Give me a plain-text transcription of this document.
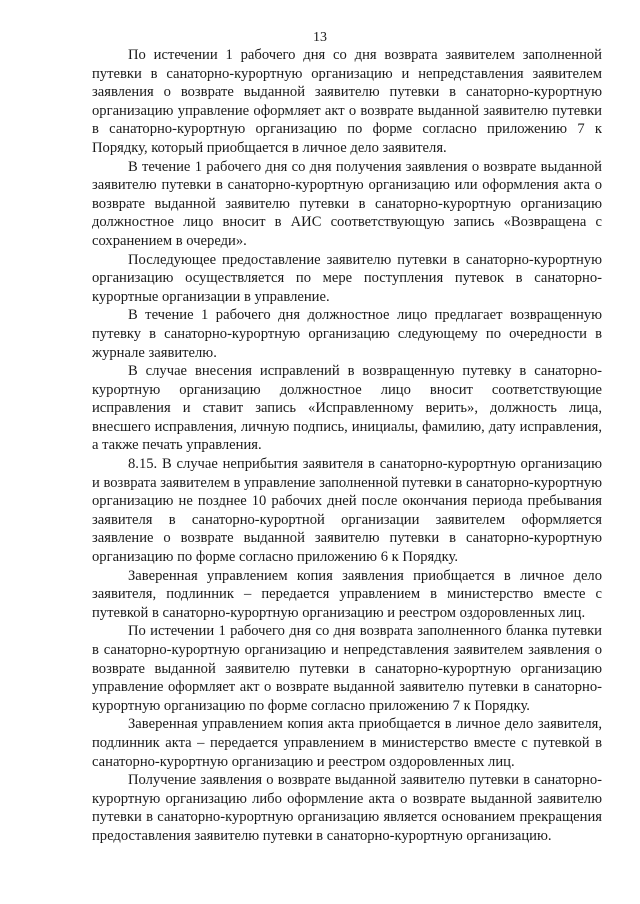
13

По истечении 1 рабочего дня со дня возврата заявителем заполненной путевки в санаторно-курортную организацию и непредставления заявителем заявления о возврате выданной заявителю путевки в санаторно-курортную организацию управление оформляет акт о возврате выданной заявителю путевки в санаторно-курортную организацию по форме согласно приложению 7 к Порядку, который приобщается в личное дело заявителя.

В течение 1 рабочего дня со дня получения заявления о возврате выданной заявителю путевки в санаторно-курортную организацию или оформления акта о возврате выданной заявителю путевки в санаторно-курортную организацию должностное лицо вносит в АИС соответствующую запись «Возвращена с сохранением в очереди».

Последующее предоставление заявителю путевки в санаторно-курортную организацию осуществляется по мере поступления путевок в санаторно-курортные организации в управление.

В течение 1 рабочего дня должностное лицо предлагает возвращенную путевку в санаторно-курортную организацию следующему по очередности в журнале заявителю.

В случае внесения исправлений в возвращенную путевку в санаторно-курортную организацию должностное лицо вносит соответствующие исправления и ставит запись «Исправленному верить», должность лица, внесшего исправления, личную подпись, инициалы, фамилию, дату исправления, а также печать управления.

8.15. В случае неприбытия заявителя в санаторно-курортную организацию и возврата заявителем в управление заполненной путевки в санаторно-курортную организацию не позднее 10 рабочих дней после окончания периода пребывания заявителя в санаторно-курортной организации заявителем оформляется заявление о возврате выданной заявителю путевки в санаторно-курортную организацию по форме согласно приложению 6 к Порядку.

Заверенная управлением копия заявления приобщается в личное дело заявителя, подлинник – передается управлением в министерство вместе с путевкой в санаторно-курортную организацию и реестром оздоровленных лиц.

По истечении 1 рабочего дня со дня возврата заполненного бланка путевки в санаторно-курортную организацию и непредставления заявителем заявления о возврате выданной заявителю путевки в санаторно-курортную организацию управление оформляет акт о возврате выданной заявителю путевки в санаторно-курортную организацию по форме согласно приложению 7 к Порядку.

Заверенная управлением копия акта приобщается в личное дело заявителя, подлинник акта – передается управлением в министерство вместе с путевкой в санаторно-курортную организацию и реестром оздоровленных лиц.

Получение заявления о возврате выданной заявителю путевки в санаторно-курортную организацию либо оформление акта о возврате выданной заявителю путевки в санаторно-курортную организацию является основанием прекращения предоставления заявителю путевки в санаторно-курортную организацию.
